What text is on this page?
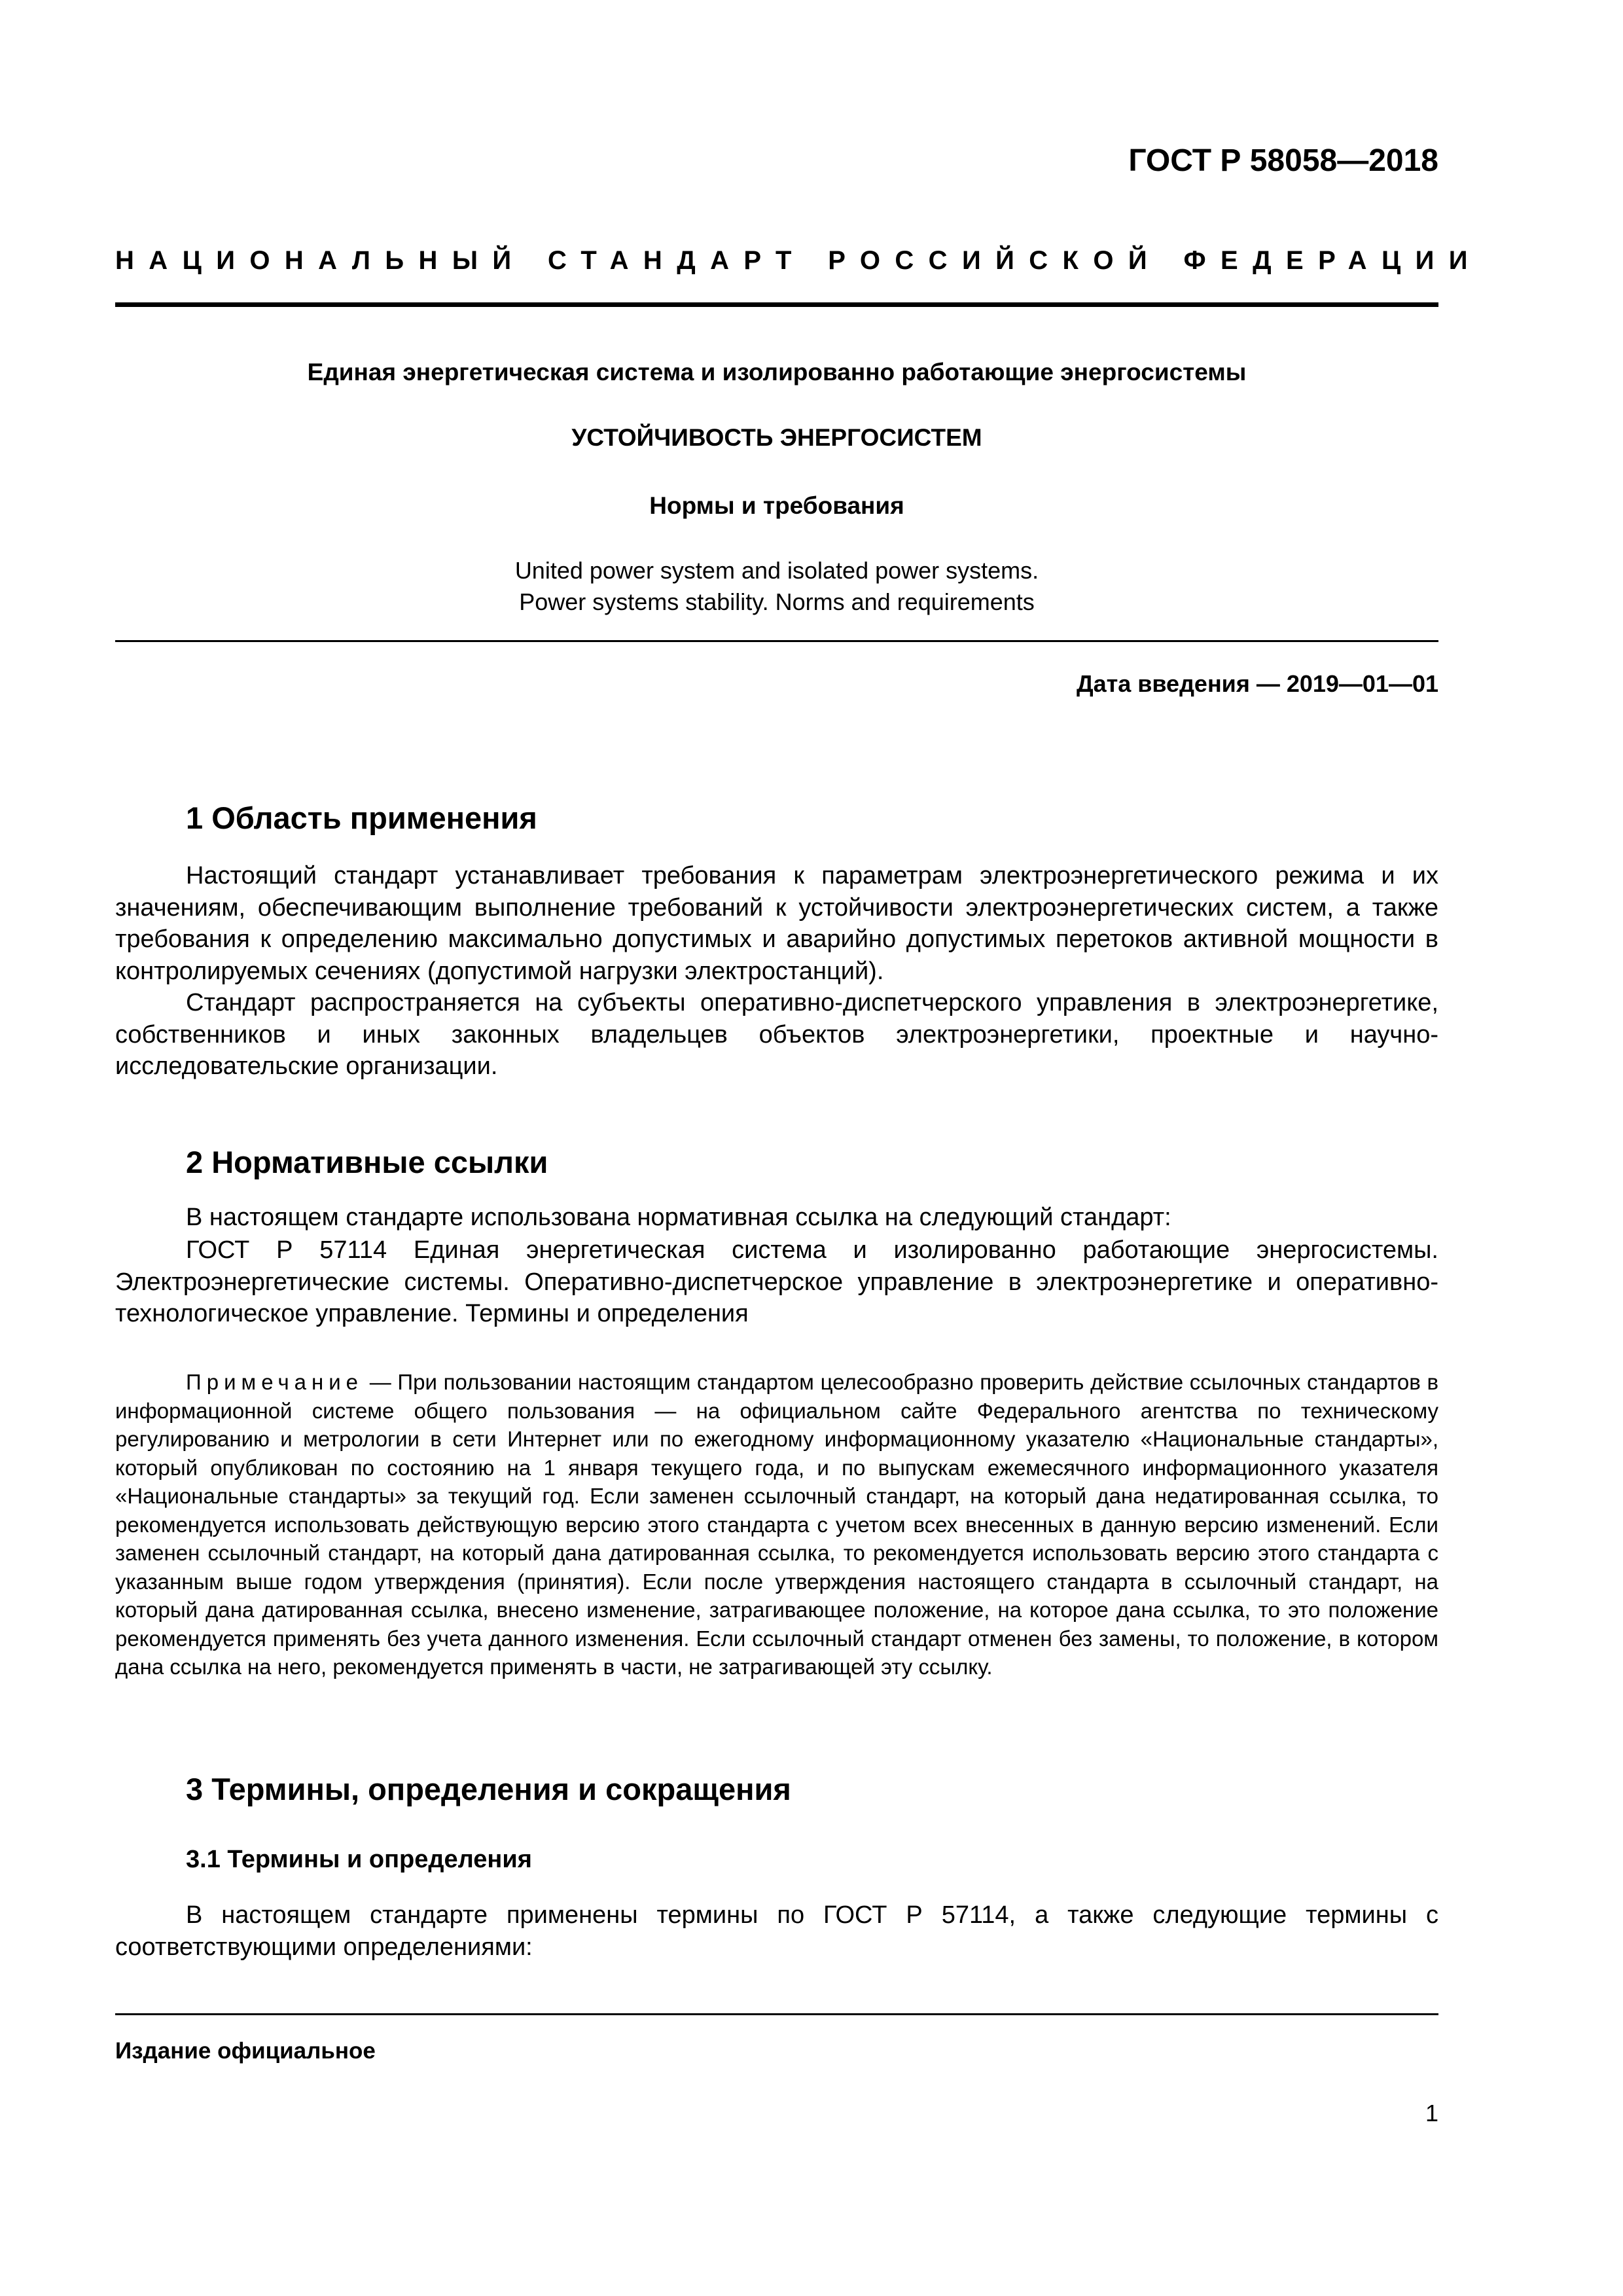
ГОСТ Р 58058—2018
НАЦИОНАЛЬНЫЙ СТАНДАРТ РОССИЙСКОЙ ФЕДЕРАЦИИ
Единая энергетическая система и изолированно работающие энергосистемы
УСТОЙЧИВОСТЬ ЭНЕРГОСИСТЕМ
Нормы и требования
United power system and isolated power systems.
Power systems stability. Norms and requirements
Дата введения — 2019—01—01
1 Область применения

Настоящий стандарт устанавливает требования к параметрам электроэнергетического режима и их значениям, обеспечивающим выполнение требований к устойчивости электроэнергетических систем, а также требования к определению максимально допустимых и аварийно допустимых перетоков активной мощности в контролируемых сечениях (допустимой нагрузки электростанций).

Стандарт распространяется на субъекты оперативно-диспетчерского управления в электроэнергетике, собственников и иных законных владельцев объектов электроэнергетики, проектные и научно-исследовательские организации.

2 Нормативные ссылки

В настоящем стандарте использована нормативная ссылка на следующий стандарт:

ГОСТ Р 57114 Единая энергетическая система и изолированно работающие энергосистемы. Электроэнергетические системы. Оперативно-диспетчерское управление в электроэнергетике и оперативно-технологическое управление. Термины и определения

Примечание — При пользовании настоящим стандартом целесообразно проверить действие ссылочных стандартов в информационной системе общего пользования — на официальном сайте Федерального агентства по техническому регулированию и метрологии в сети Интернет или по ежегодному информационному указателю «Национальные стандарты», который опубликован по состоянию на 1 января текущего года, и по выпускам ежемесячного информационного указателя «Национальные стандарты» за текущий год. Если заменен ссылочный стандарт, на который дана недатированная ссылка, то рекомендуется использовать действующую версию этого стандарта с учетом всех внесенных в данную версию изменений. Если заменен ссылочный стандарт, на который дана датированная ссылка, то рекомендуется использовать версию этого стандарта с указанным выше годом утверждения (принятия). Если после утверждения настоящего стандарта в ссылочный стандарт, на который дана датированная ссылка, внесено изменение, затрагивающее положение, на которое дана ссылка, то это положение рекомендуется применять без учета данного изменения. Если ссылочный стандарт отменен без замены, то положение, в котором дана ссылка на него, рекомендуется применять в части, не затрагивающей эту ссылку.

3 Термины, определения и сокращения
3.1 Термины и определения

В настоящем стандарте применены термины по ГОСТ Р 57114, а также следующие термины с соответствующими определениями:

Издание официальное
1
